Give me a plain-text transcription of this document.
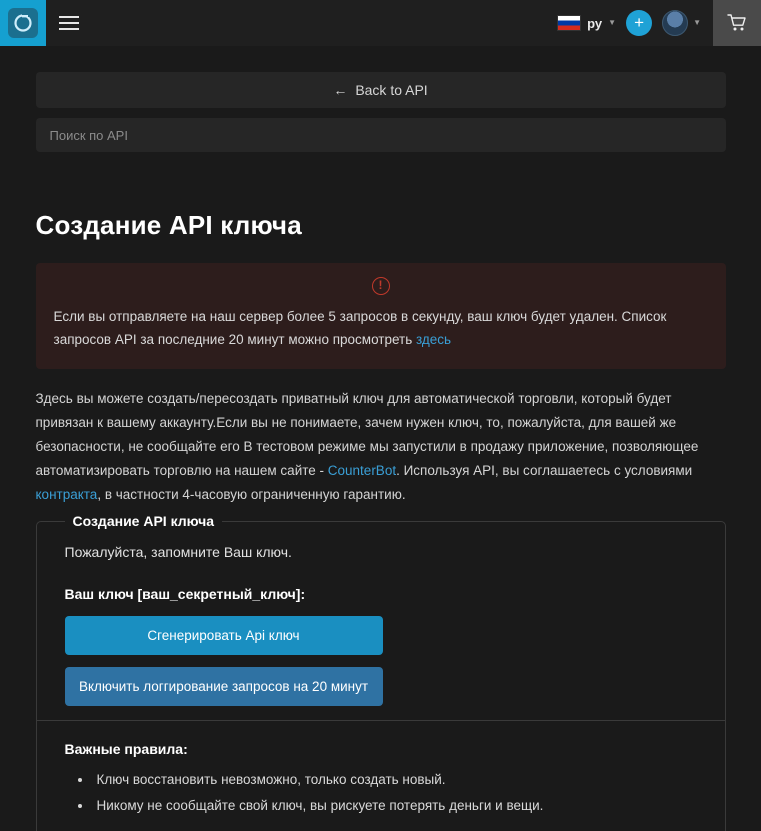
ру ▼	+	▼
← Back to API
Поиск по API
Создание API ключа
!
Если вы отправляете на наш сервер более 5 запросов в секунду, ваш ключ будет удален. Список запросов API за последние 20 минут можно просмотреть здесь
Здесь вы можете создать/пересоздать приватный ключ для автоматической торговли, который будет привязан к вашему аккаунту.Если вы не понимаете, зачем нужен ключ, то, пожалуйста, для вашей же безопасности, не сообщайте его В тестовом режиме мы запустили в продажу приложение, позволяющее автоматизировать торговлю на нашем сайте - CounterBot. Используя API, вы соглашаетесь с условиями контракта, в частности 4-часовую ограниченную гарантию.
Создание API ключа

Пожалуйста, запомните Ваш ключ.

Ваш ключ [ваш_секретный_ключ]:
Сгенерировать Api ключ
Включить логгирование запросов на 20 минут
Важные правила:
• Ключ восстановить невозможно, только создать новый.
• Никому не сообщайте свой ключ, вы рискуете потерять деньги и вещи.
